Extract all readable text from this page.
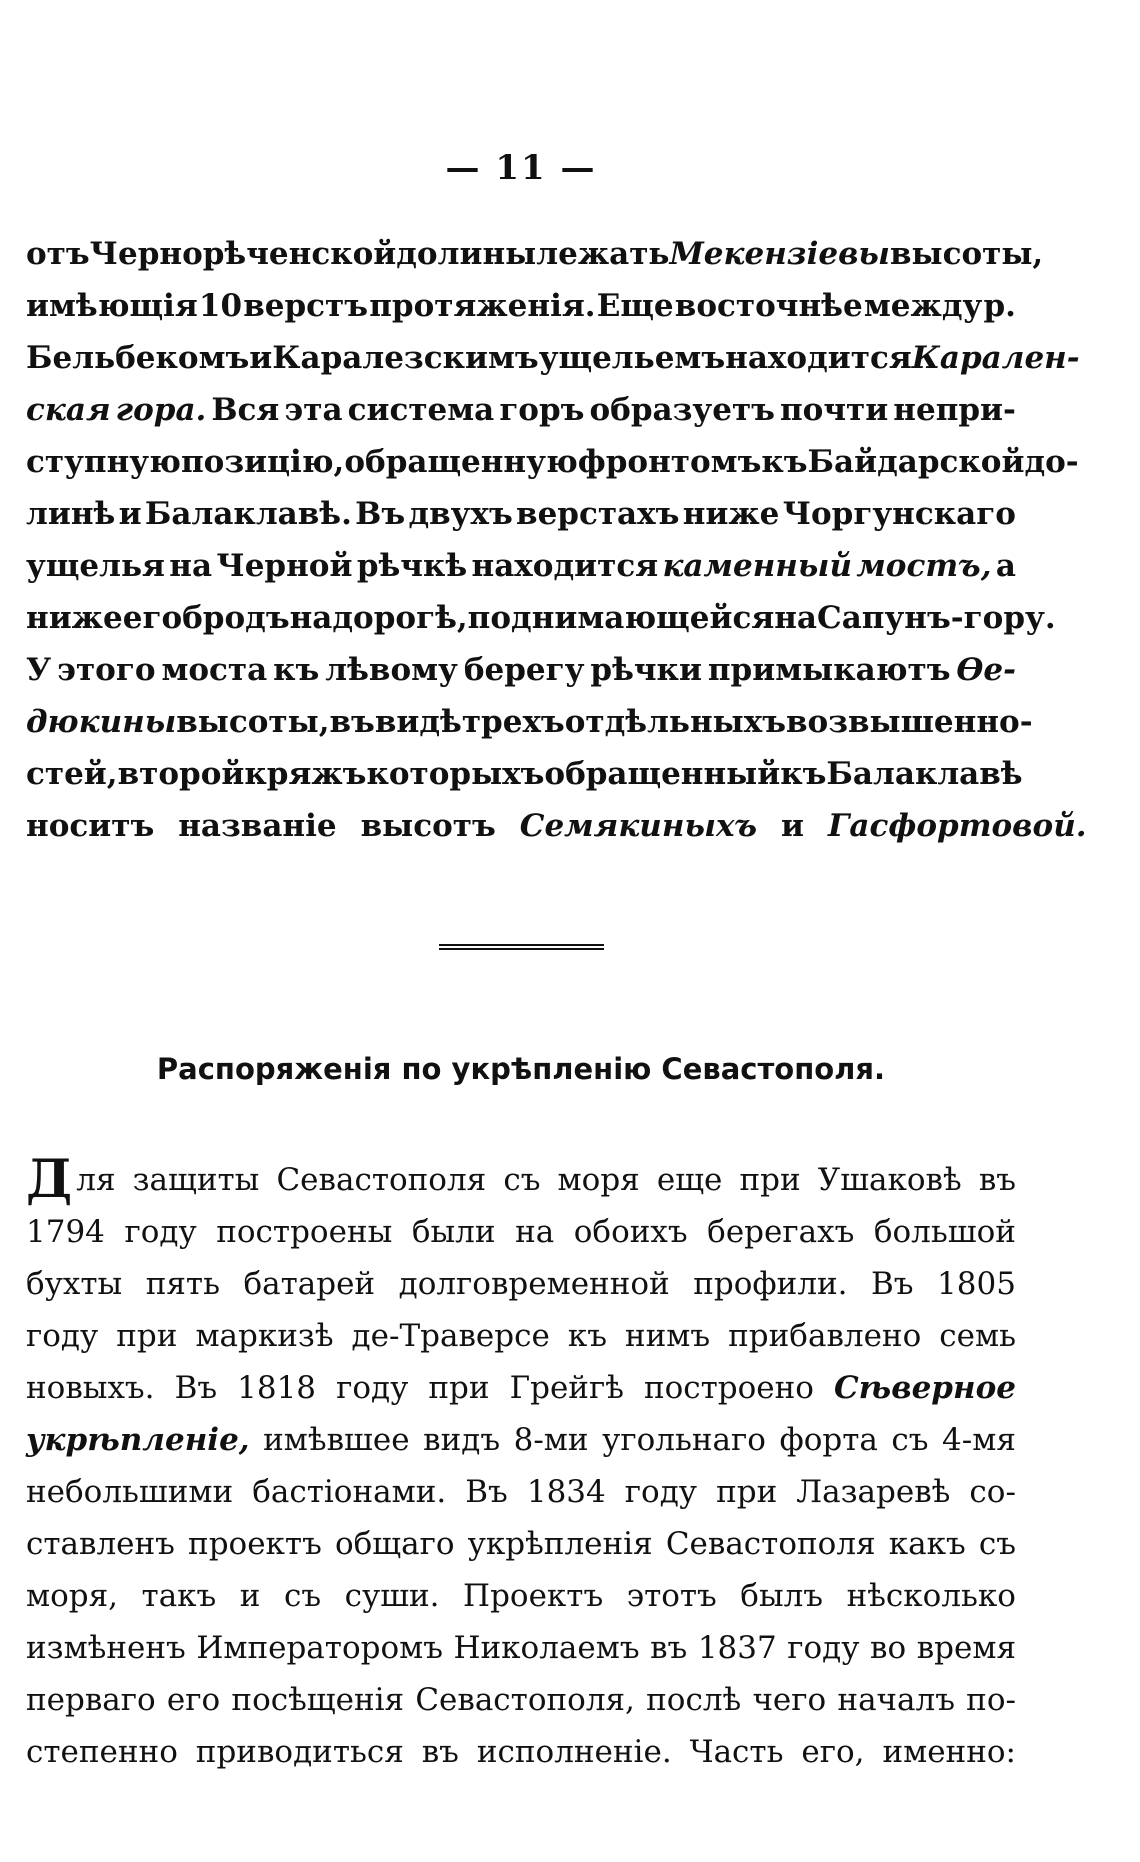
— 11 —

отъ Чернорѣченской долины лежать Мекензіевы высоты,
имѣющія 10 верстъ протяженія. Еще восточнѣе между р.
Бельбекомъ и Каралезскимъ ущельемъ находится Карален-
ская гора. Вся эта система горъ образуетъ почти непри-
ступную позицію, обращенную фронтомъ къ Байдарской до-
линѣ и Балаклавѣ. Въ двухъ верстахъ ниже Чоргунскаго
ущелья на Черной рѣчкѣ находится каменный мостъ, а
ниже его бродъ на дорогѣ, поднимающейся на Сапунъ-гору.
У этого моста къ лѣвому берегу рѣчки примыкаютъ Ѳе-
дюкины высоты, въ видѣ трехъ отдѣльныхъ возвышенно-
стей, второй кряжъ которыхъ обращенный къ Балаклавѣ
носитъ названіе высотъ Семякиныхъ и Гасфортовой.
Распоряженія по укрѣпленію Севастополя.
Д ля защиты Севастополя съ моря еще при Ушаковѣ въ
1794 году построены были на обоихъ берегахъ большой
бухты пять батарей долговременной профили. Въ 1805
году при маркизѣ де-Траверсе къ нимъ прибавлено семь
новыхъ. Въ 1818 году при Грейгѣ построено Сѣверное
укрѣпленіе, имѣвшее видъ 8-ми угольнаго форта съ 4-мя
небольшими бастіонами. Въ 1834 году при Лазаревѣ со-
ставленъ проектъ общаго укрѣпленія Севастополя какъ съ
моря, такъ и съ суши. Проектъ этотъ былъ нѣсколько
измѣненъ Императоромъ Николаемъ въ 1837 году во время
перваго его посѣщенія Севастополя, послѣ чего началъ по-
степенно приводиться въ исполненіе. Часть его, именно:
